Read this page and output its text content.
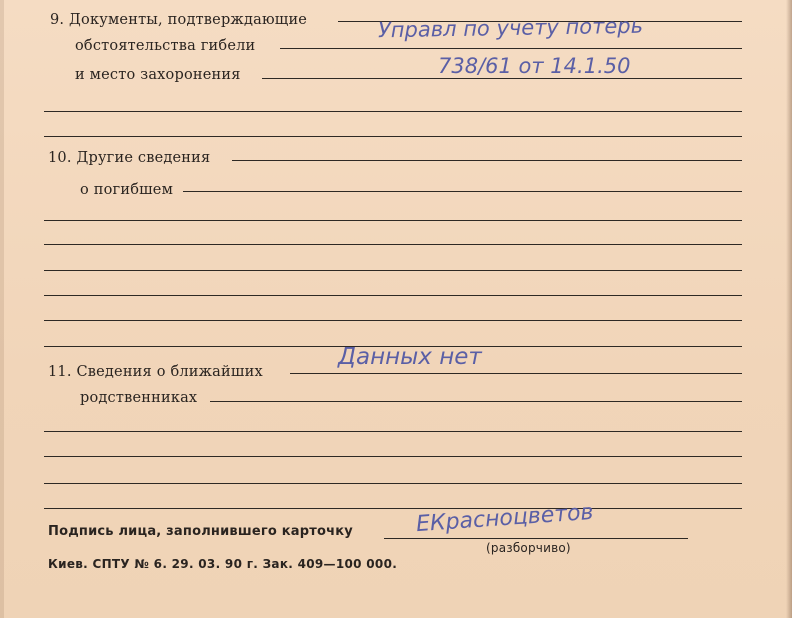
9. Документы, подтверждающие
обстоятельства гибели
и место захоронения
Управл по учету потерь
738/61 от 14.1.50
10. Другие сведения
о погибшем
11. Сведения о ближайших
родственниках
Данных нет
Подпись лица, заполнившего карточку	ЕКрасноцветов
(разборчиво)
Киев. СПТУ № 6. 29. 03. 90 г. Зак. 409—100 000.
